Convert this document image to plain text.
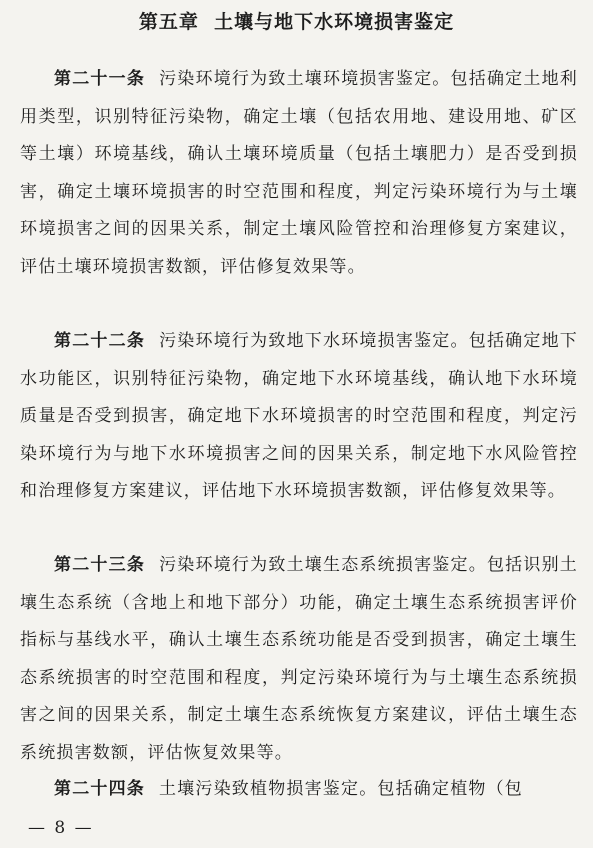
第五章  土壤与地下水环境损害鉴定

第二十一条 污染环境行为致土壤环境损害鉴定。包括确定土地利用类型，识别特征污染物，确定土壤（包括农用地、建设用地、矿区等土壤）环境基线，确认土壤环境质量（包括土壤肥力）是否受到损害，确定土壤环境损害的时空范围和程度，判定污染环境行为与土壤环境损害之间的因果关系，制定土壤风险管控和治理修复方案建议，评估土壤环境损害数额，评估修复效果等。

第二十二条 污染环境行为致地下水环境损害鉴定。包括确定地下水功能区，识别特征污染物，确定地下水环境基线，确认地下水环境质量是否受到损害，确定地下水环境损害的时空范围和程度，判定污染环境行为与地下水环境损害之间的因果关系，制定地下水风险管控和治理修复方案建议，评估地下水环境损害数额，评估修复效果等。

第二十三条 污染环境行为致土壤生态系统损害鉴定。包括识别土壤生态系统（含地上和地下部分）功能，确定土壤生态系统损害评价指标与基线水平，确认土壤生态系统功能是否受到损害，确定土壤生态系统损害的时空范围和程度，判定污染环境行为与土壤生态系统损害之间的因果关系，制定土壤生态系统恢复方案建议，评估土壤生态系统损害数额，评估恢复效果等。

第二十四条 土壤污染致植物损害鉴定。包括确定植物（包

— 8 —
